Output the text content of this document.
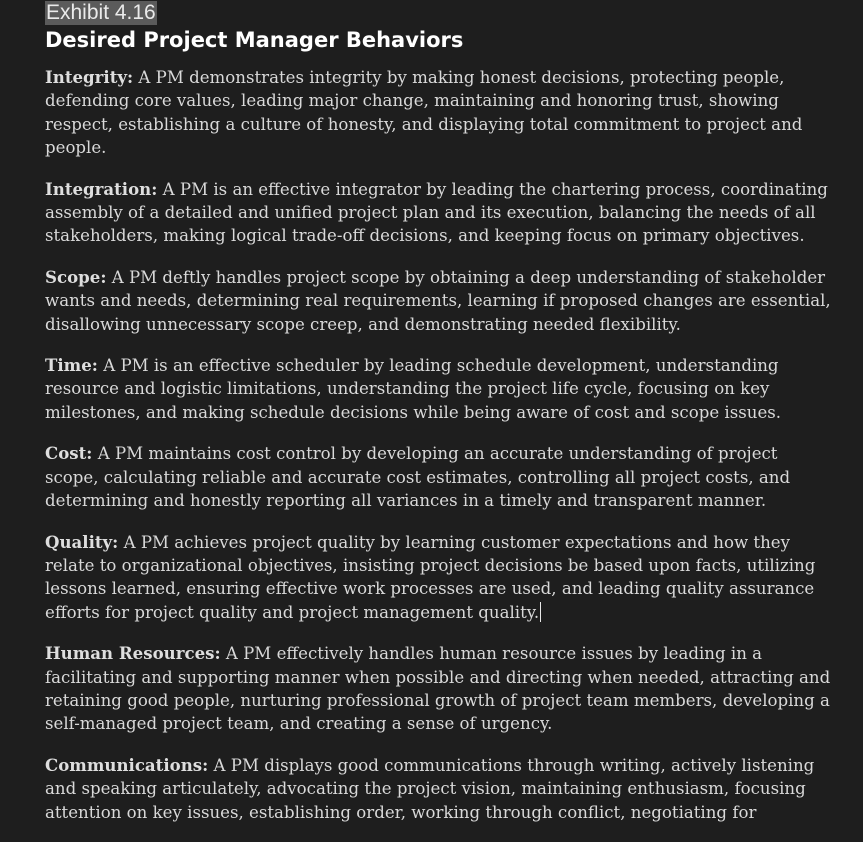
Exhibit 4.16
Desired Project Manager Behaviors

Integrity: A PM demonstrates integrity by making honest decisions, protecting people, defending core values, leading major change, maintaining and honoring trust, showing respect, establishing a culture of honesty, and displaying total commitment to project and people.

Integration: A PM is an effective integrator by leading the chartering process, coordinating assembly of a detailed and unified project plan and its execution, balancing the needs of all stakeholders, making logical trade-off decisions, and keeping focus on primary objectives.

Scope: A PM deftly handles project scope by obtaining a deep understanding of stakeholder wants and needs, determining real requirements, learning if proposed changes are essential, disallowing unnecessary scope creep, and demonstrating needed flexibility.

Time: A PM is an effective scheduler by leading schedule development, understanding resource and logistic limitations, understanding the project life cycle, focusing on key milestones, and making schedule decisions while being aware of cost and scope issues.

Cost: A PM maintains cost control by developing an accurate understanding of project scope, calculating reliable and accurate cost estimates, controlling all project costs, and determining and honestly reporting all variances in a timely and transparent manner.

Quality: A PM achieves project quality by learning customer expectations and how they relate to organizational objectives, insisting project decisions be based upon facts, utilizing lessons learned, ensuring effective work processes are used, and leading quality assurance efforts for project quality and project management quality.

Human Resources: A PM effectively handles human resource issues by leading in a facilitating and supporting manner when possible and directing when needed, attracting and retaining good people, nurturing professional growth of project team members, developing a self-managed project team, and creating a sense of urgency.

Communications: A PM displays good communications through writing, actively listening and speaking articulately, advocating the project vision, maintaining enthusiasm, focusing attention on key issues, establishing order, working through conflict, negotiating for
